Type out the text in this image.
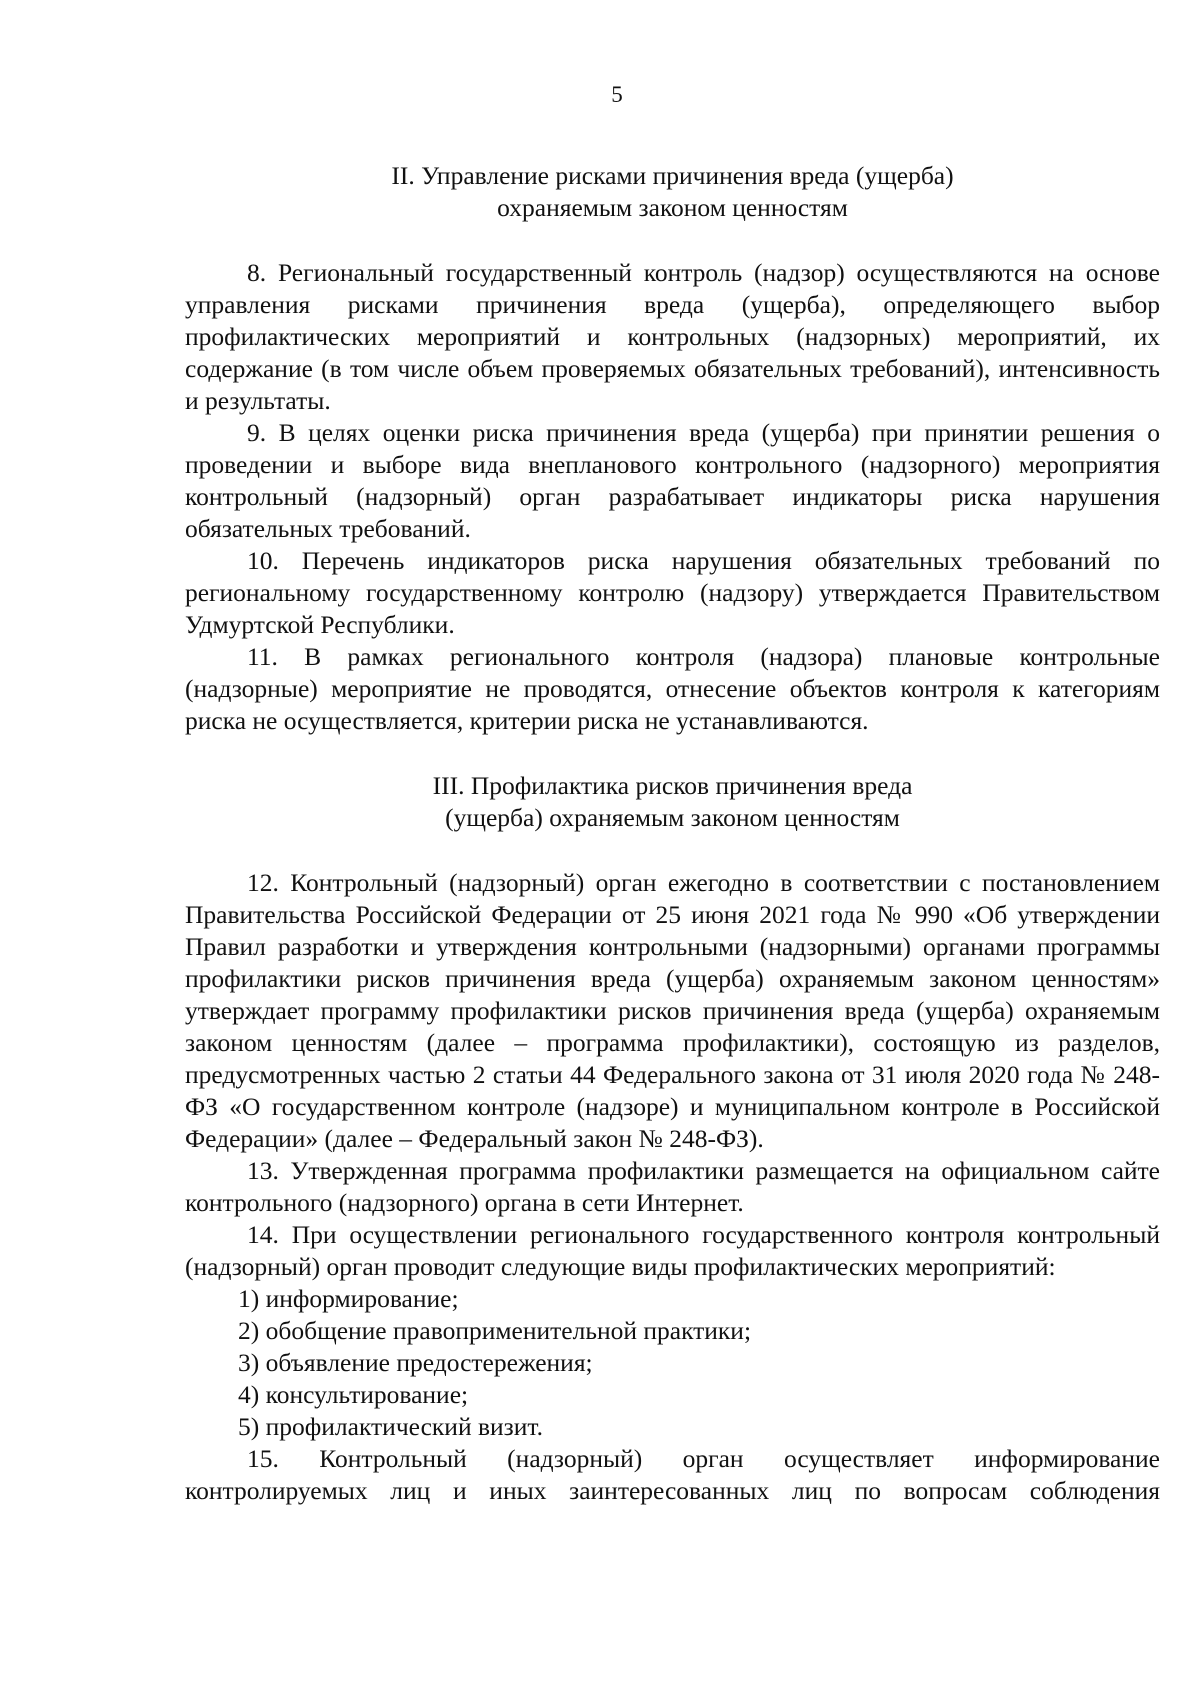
5

II. Управление рисками причинения вреда (ущерба)
охраняемым законом ценностям

8. Региональный государственный контроль (надзор) осуществляются на основе управления рисками причинения вреда (ущерба), определяющего выбор профилактических мероприятий и контрольных (надзорных) мероприятий, их содержание (в том числе объем проверяемых обязательных требований), интенсивность и результаты.

9. В целях оценки риска причинения вреда (ущерба) при принятии решения о проведении и выборе вида внепланового контрольного (надзорного) мероприятия контрольный (надзорный) орган разрабатывает индикаторы риска нарушения обязательных требований.

10. Перечень индикаторов риска нарушения обязательных требований по региональному государственному контролю (надзору) утверждается Правительством Удмуртской Республики.

11. В рамках регионального контроля (надзора) плановые контрольные (надзорные) мероприятие не проводятся, отнесение объектов контроля к категориям риска не осуществляется, критерии риска не устанавливаются.

III. Профилактика рисков причинения вреда
(ущерба) охраняемым законом ценностям

12. Контрольный (надзорный) орган ежегодно в соответствии с постановлением Правительства Российской Федерации от 25 июня 2021 года № 990 «Об утверждении Правил разработки и утверждения контрольными (надзорными) органами программы профилактики рисков причинения вреда (ущерба) охраняемым законом ценностям» утверждает программу профилактики рисков причинения вреда (ущерба) охраняемым законом ценностям (далее – программа профилактики), состоящую из разделов, предусмотренных частью 2 статьи 44 Федерального закона от 31 июля 2020 года № 248-ФЗ «О государственном контроле (надзоре) и муниципальном контроле в Российской Федерации» (далее – Федеральный закон № 248-ФЗ).

13. Утвержденная программа профилактики размещается на официальном сайте контрольного (надзорного) органа в сети Интернет.

14. При осуществлении регионального государственного контроля контрольный (надзорный) орган проводит следующие виды профилактических мероприятий:

1) информирование;

2) обобщение правоприменительной практики;

3) объявление предостережения;

4) консультирование;

5) профилактический визит.

15. Контрольный (надзорный) орган осуществляет информирование контролируемых лиц и иных заинтересованных лиц по вопросам соблюдения
